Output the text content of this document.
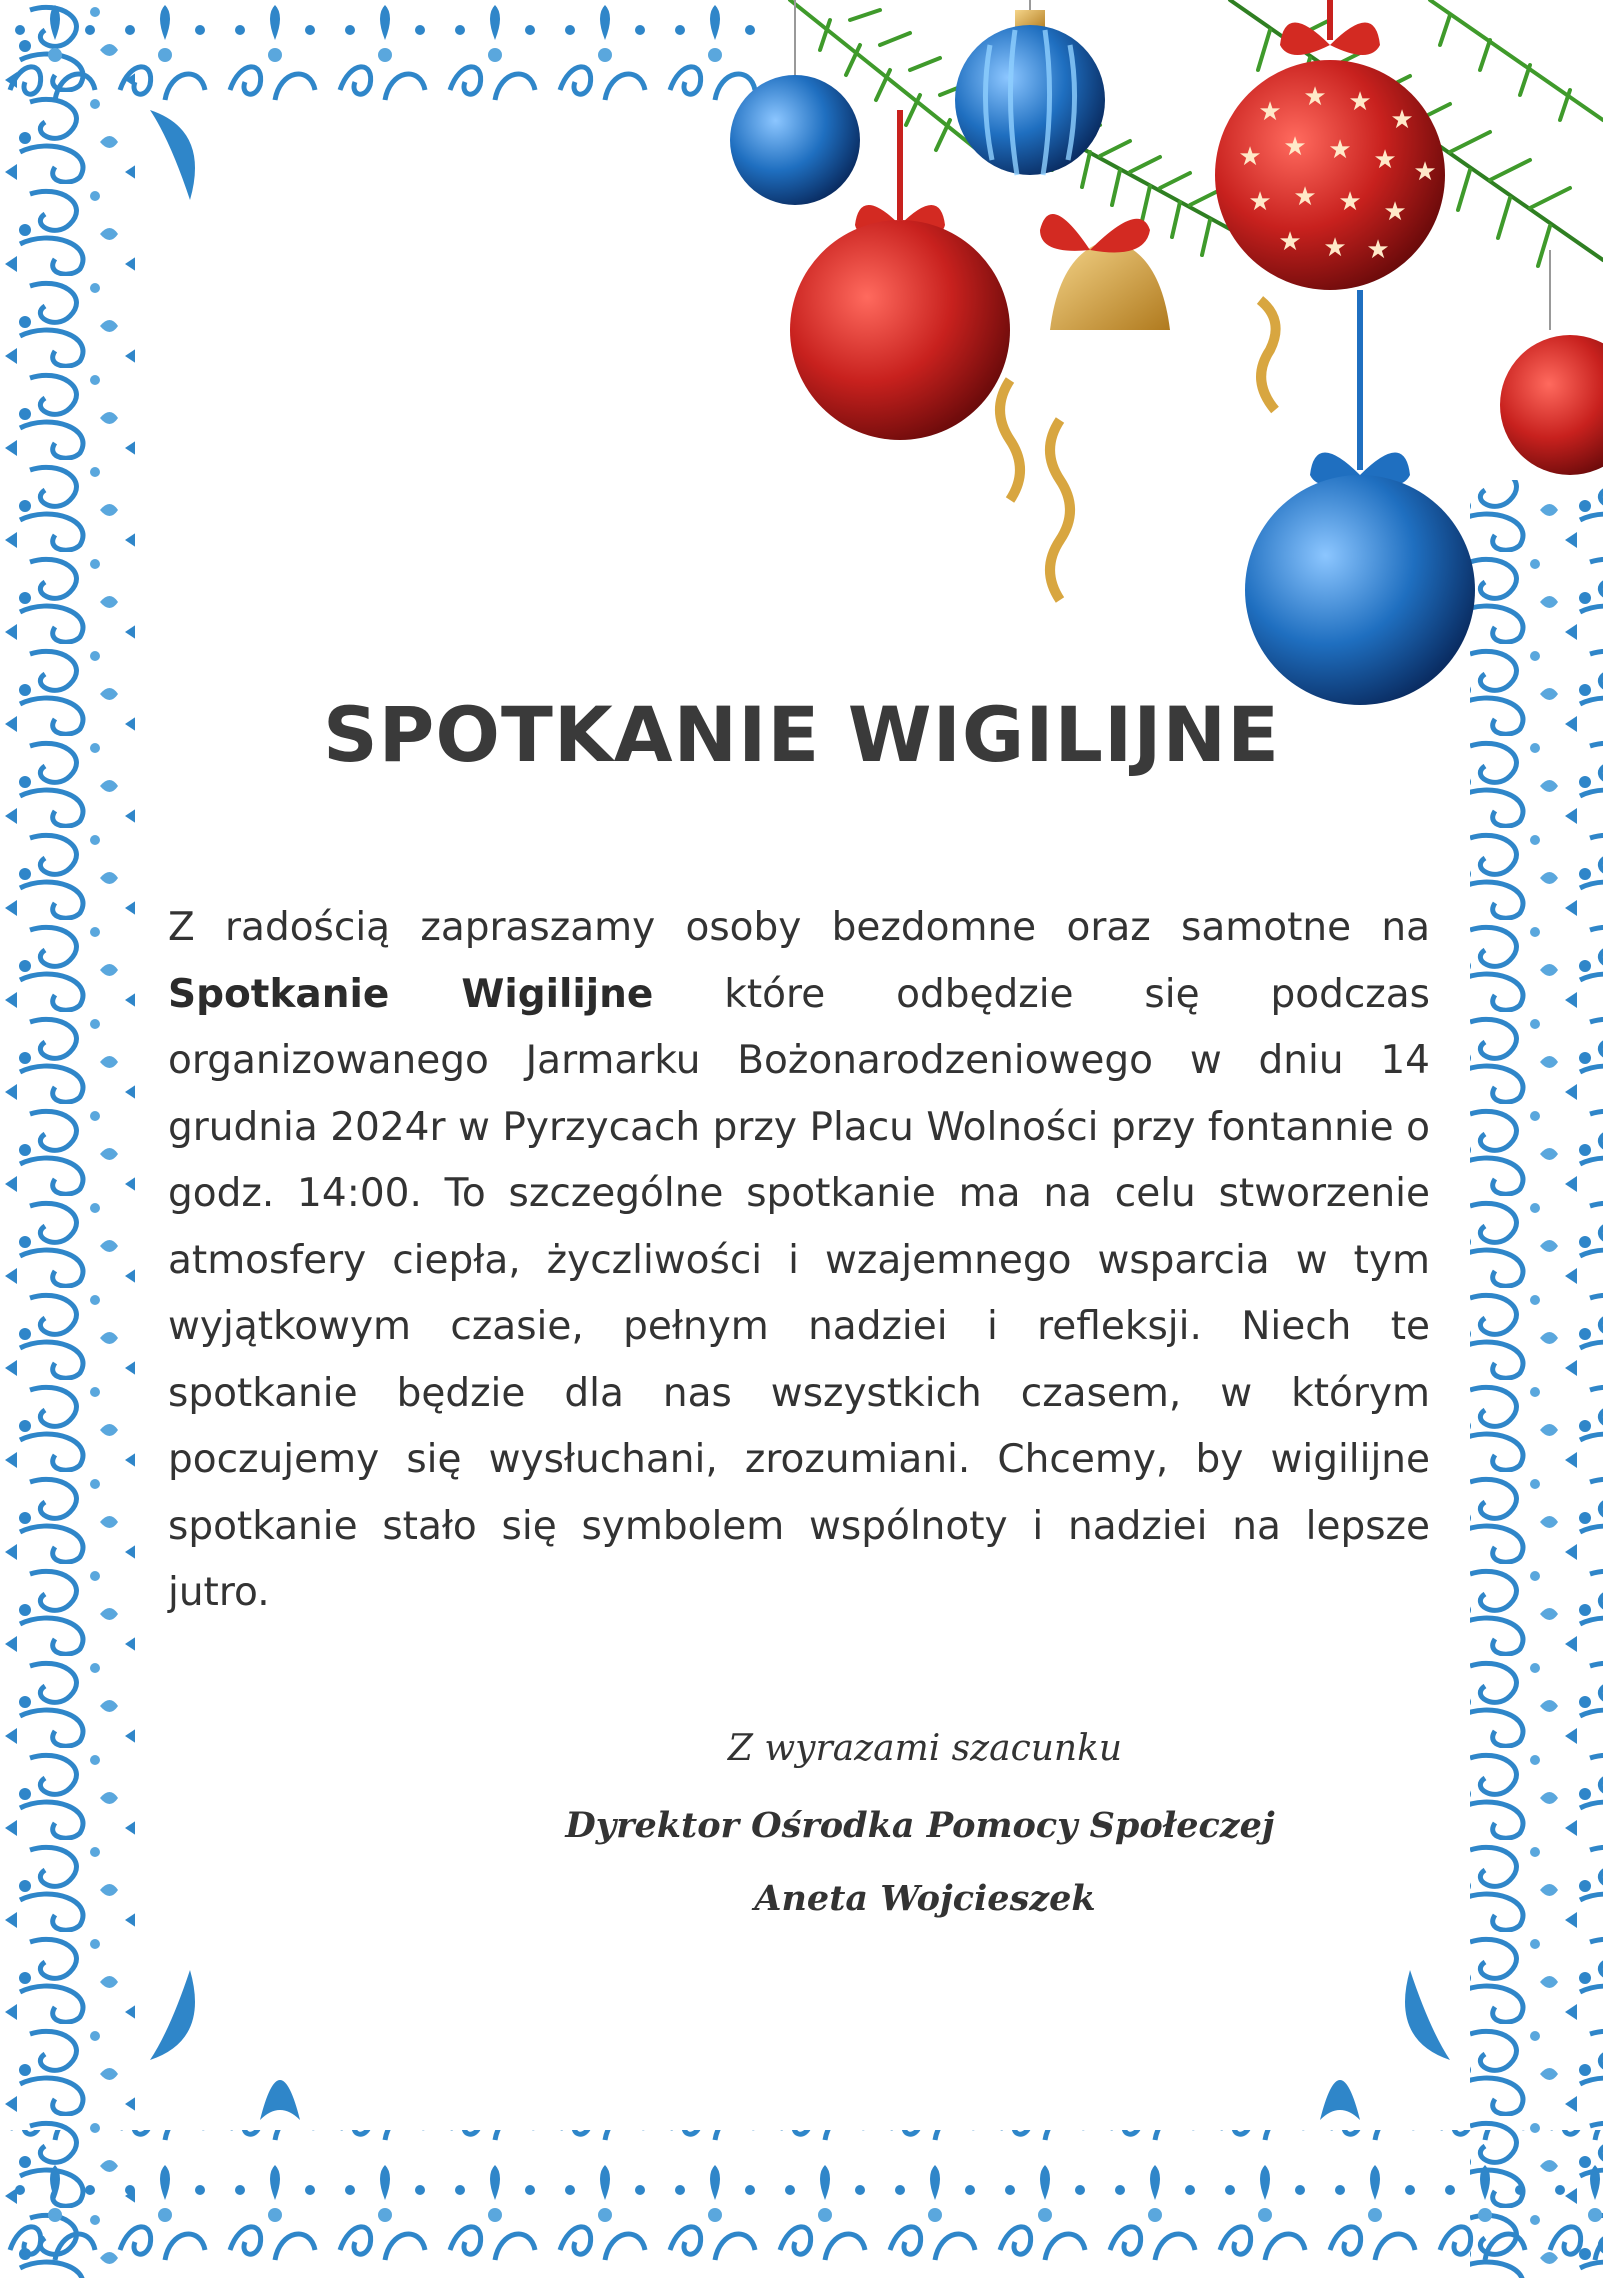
★ ★ ★
★
★ ★ ★ ★ ★
★ ★ ★ ★
★ ★ ★
SPOTKANIE WIGILIJNE
Z radością zapraszamy osoby bezdomne oraz samotne na Spotkanie Wigilijne które odbędzie się podczas organizowanego Jarmarku Bożonarodzeniowego w dniu 14 grudnia 2024r w Pyrzycach przy Placu Wolności przy fontannie o godz. 14:00. To szczególne spotkanie ma na celu stworzenie atmosfery ciepła, życzliwości i wzajemnego wsparcia w tym wyjątkowym czasie, pełnym nadziei i refleksji. Niech te spotkanie będzie dla nas wszystkich czasem, w którym poczujemy się wysłuchani, zrozumiani. Chcemy, by wigilijne spotkanie stało się symbolem wspólnoty i nadziei na lepsze jutro.
Z wyrazami szacunku
Dyrektor Ośrodka Pomocy Społeczej
Aneta Wojcieszek
